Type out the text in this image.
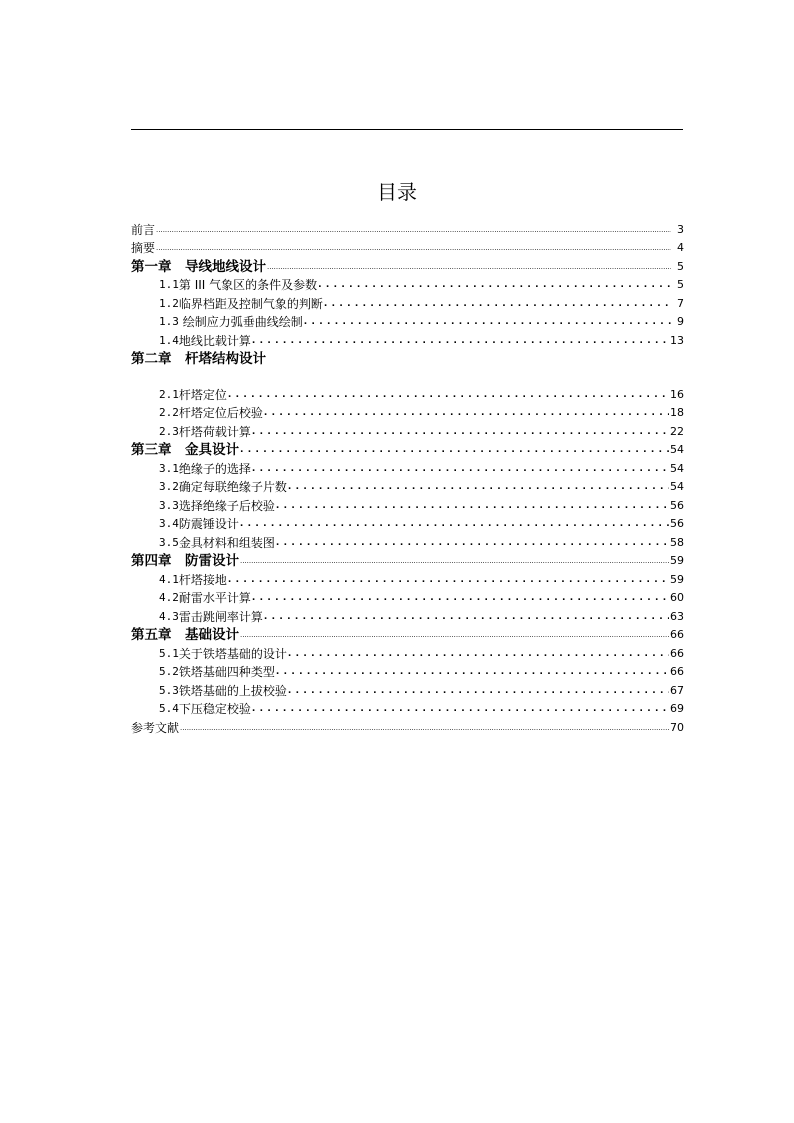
目录
前言 .....	3
摘要 .....	4
第一章　导线地线设计 .....	5
1.1 第 III 气象区的条件及参数 . . .	5
1.2 临界档距及控制气象的判断 . . .	7
1.3 绘制应力弧垂曲线绘制 . . .	9
1.4 地线比载计算 . . .	13
第二章　杆塔结构设计
2.1 杆塔定位 . . .	16
2.2 杆塔定位后校验 . . .	18
2.3 杆塔荷载计算 . . .	22
第三章　金具设计 . . .	54
3.1 绝缘子的选择 . . .	54
3.2 确定每联绝缘子片数 . . .	54
3.3 选择绝缘子后校验 . . .	56
3.4 防震锤设计 . . .	56
3.5 金具材料和组装图 . . .	58
第四章　防雷设计 .....	59
4.1 杆塔接地 . . .	59
4.2 耐雷水平计算 . . .	60
4.3 雷击跳闸率计算 . . .	63
第五章　基础设计 .....	66
5.1 关于铁塔基础的设计 . . .	66
5.2 铁塔基础四种类型 . . .	66
5.3 铁塔基础的上拔校验 . . .	67
5.4 下压稳定校验 . . .	69
参考文献 .....	70
